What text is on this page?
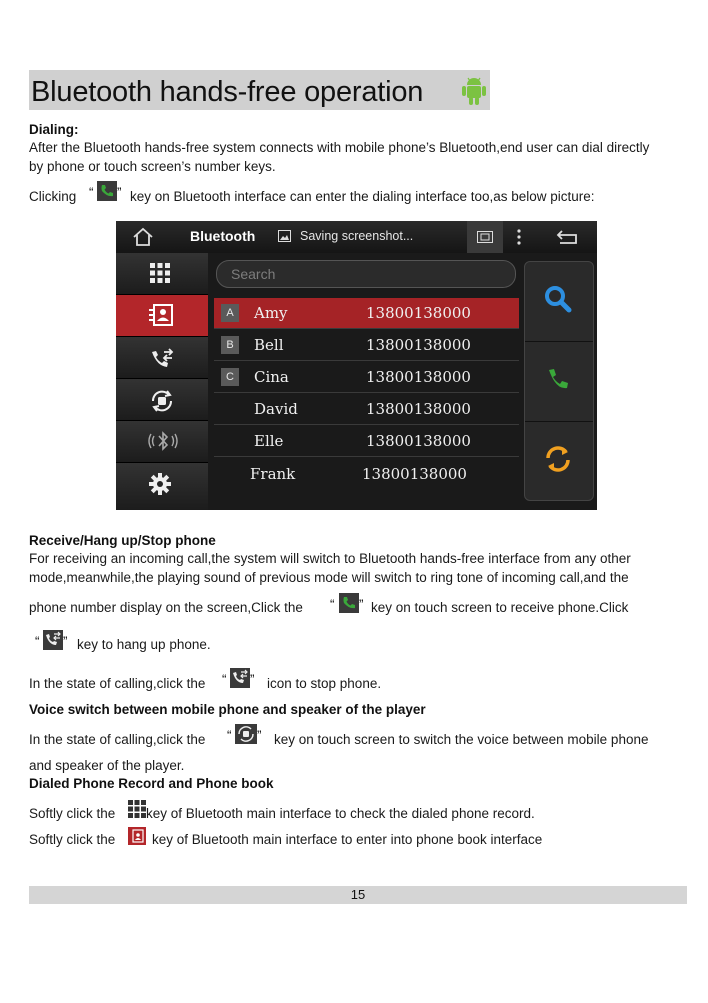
Bluetooth hands-free operation
Dialing:
After the Bluetooth hands-free system connects with mobile phone’s Bluetooth,end user can dial directly
by phone or touch screen’s number keys.
Clicking “ ” key on Bluetooth interface can enter the dialing interface too,as below picture:
Bluetooth	Saving screenshot...
Search
A	Amy	13800138000
B	Bell	13800138000
C	Cina	13800138000
David	13800138000
Elle	13800138000
Frank	13800138000
Receive/Hang up/Stop phone
For receiving an incoming call,the system will switch to Bluetooth hands-free interface from any other
mode,meanwhile,the playing sound of previous mode will switch to ring tone of incoming call,and the
phone number display on the screen,Click the “ ” key on touch screen to receive phone.Click
“ ” key to hang up phone.
In the state of calling,click the “ ” icon to stop phone.
Voice switch between mobile phone and speaker of the player
In the state of calling,click the “ ” key on touch screen to switch the voice between mobile phone
and speaker of the player.
Dialed Phone Record and Phone book
Softly click the key of Bluetooth main interface to check the dialed phone record.
Softly click the	key of Bluetooth main interface to enter into phone book interface
15
